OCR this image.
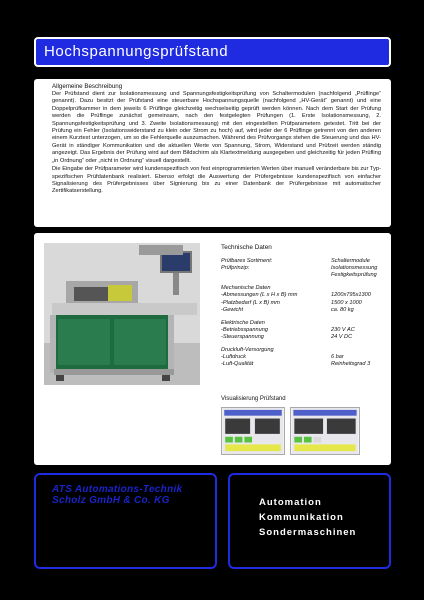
Hochspannungsprüfstand
Allgemeine Beschreibung

Der Prüfstand dient zur Isolationsmessung und Spannungsfestigkeitsprüfung von Schaltermodulen (nachfolgend „Prüflinge“ genannt). Dazu besitzt der Prüfstand eine steuerbare Hochspannungsquelle (nachfolgend „HV-Gerät“ genannt) und eine Doppelprüfkammer in dem jeweils 6 Prüflinge gleichzeitig wechselseitig geprüft werden können. Nach dem Start der Prüfung werden die Prüflinge zunächst gemeinsam, nach den festgelegten Prüfungen (1. Erste Isolationsmessung, 2. Spannungsfestigkeitsprüfung und 3. Zweite Isolationsmessung) mit den eingestellten Prüfparametern getestet. Tritt bei der Prüfung ein Fehler (Isolationswiderstand zu klein oder Strom zu hoch) auf, wird jeder der 6 Prüflinge getrennt von den anderen einem Kurztest unterzogen, um so die Fehlerquelle auszumachen. Während des Prüfvorgangs stehen die Steuerung und das HV-Gerät in ständiger Kommunikation und die aktuellen Werte von Spannung, Strom, Widerstand und Prüfzeit werden ständig angezeigt. Das Ergebnis der Prüfung wird auf dem Bildschirm als Klartextmeldung ausgegeben und gleichzeitig für jeden Prüfling „in Ordnung“ oder „nicht in Ordnung“ visuell dargestellt.

Die Eingabe der Prüfparameter wird kundenspezifisch von fest einprogrammierten Werten über manuell veränderbare bis zur Typ-spezifischen Prüfdatenbank realisiert. Ebenso erfolgt die Auswertung der Prüfergebnisse kundenspezifisch von einfacher Signalisierung des Prüfergebnisses über Signierung bis zu einer Datenbank der Prüfergebnisse mit automatischer Zertifikatserstellung.

Technische Daten
Prüfbares Sortiment:	Schaltermodule
Prüfprinzip:	Isolationsmessung
Festigkeitsprüfung
Mechanische Daten
-Abmessungen (L x H x B) mm	1200x795x1300
-Platzbedarf (L x B) mm	1500 x 1000
-Gewicht	ca. 80 kg
Elektrische Daten
-Betriebsspannung	230 V AC
-Steuerspannung	24 V DC
Druckluft-Versorgung
-Luftdruck	6 bar
-Luft-Qualität	Reinheitsgrad 3
Visualisierung Prüfstand
ATS Automations-Technik
Scholz GmbH & Co. KG	Automation
Kommunikation
Sondermaschinen
